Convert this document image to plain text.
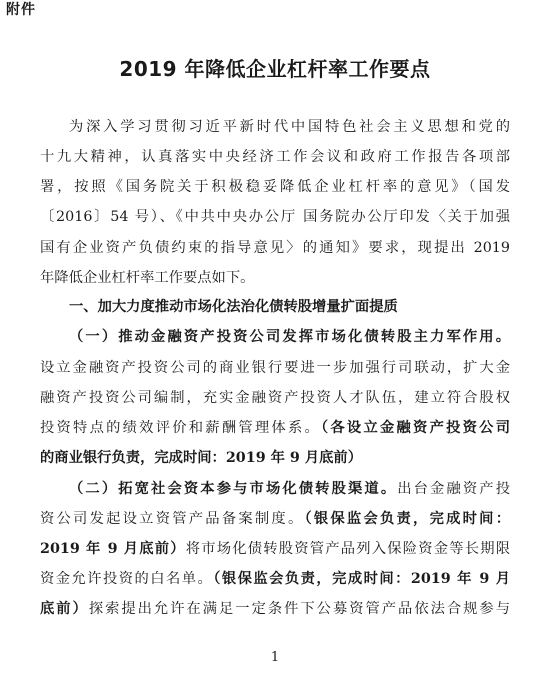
附件
2019 年降低企业杠杆率工作要点
为深入学习贯彻习近平新时代中国特色社会主义思想和党的
十九大精神，认真落实中央经济工作会议和政府工作报告各项部
署，按照《国务院关于积极稳妥降低企业杠杆率的意见》（国发
〔2016〕54 号）、《中共中央办公厅 国务院办公厅印发〈关于加强
国有企业资产负债约束的指导意见〉的通知》要求，现提出 2019
年降低企业杠杆率工作要点如下。
一、加大力度推动市场化法治化债转股增量扩面提质
（一）推动金融资产投资公司发挥市场化债转股主力军作用。
设立金融资产投资公司的商业银行要进一步加强行司联动，扩大金
融资产投资公司编制，充实金融资产投资人才队伍，建立符合股权
投资特点的绩效评价和薪酬管理体系。（各设立金融资产投资公司
的商业银行负责，完成时间：2019 年 9 月底前）
（二）拓宽社会资本参与市场化债转股渠道。出台金融资产投
资公司发起设立资管产品备案制度。（银保监会负责，完成时间：
2019 年 9 月底前）将市场化债转股资管产品列入保险资金等长期限
资金允许投资的白名单。（银保监会负责，完成时间：2019 年 9 月
底前）探索提出允许在满足一定条件下公募资管产品依法合规参与
1
